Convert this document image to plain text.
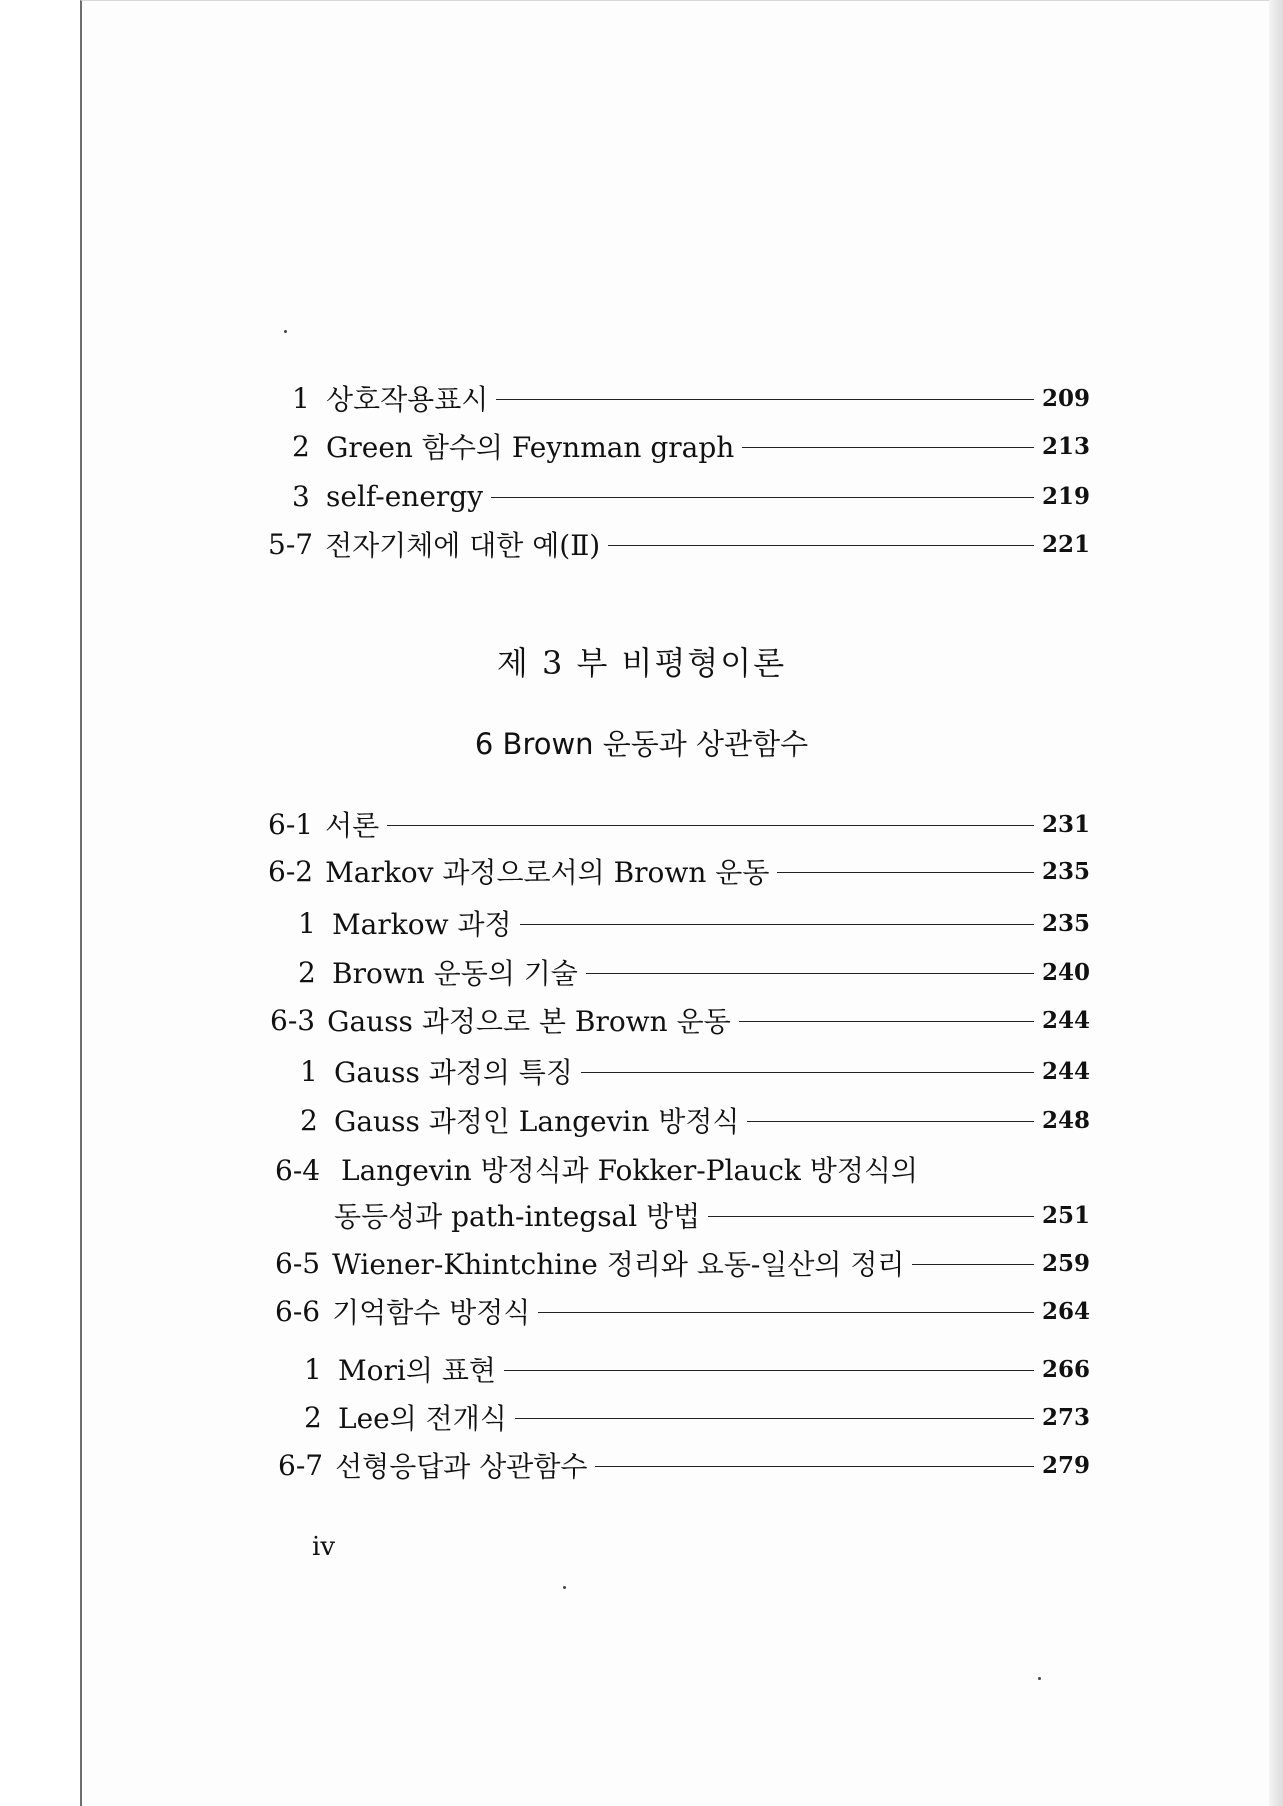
1 상호작용표시	209
2 Green 함수의 Feynman graph	213
3 self-energy	219
5-7 전자기체에 대한 예(Ⅱ)	221
제 3 부 비평형이론
6 Brown 운동과 상관함수
6-1 서론	231
6-2 Markov 과정으로서의 Brown 운동	235
1 Markow 과정	235
2 Brown 운동의 기술	240
6-3 Gauss 과정으로 본 Brown 운동	244
1 Gauss 과정의 특징	244
2 Gauss 과정인 Langevin 방정식	248
6-4 Langevin 방정식과 Fokker-Plauck 방정식의
동등성과 path-integsal 방법	251
6-5 Wiener-Khintchine 정리와 요동-일산의 정리	259
6-6 기억함수 방정식	264
1 Mori의 표현	266
2 Lee의 전개식	273
6-7 선형응답과 상관함수	279
iv
